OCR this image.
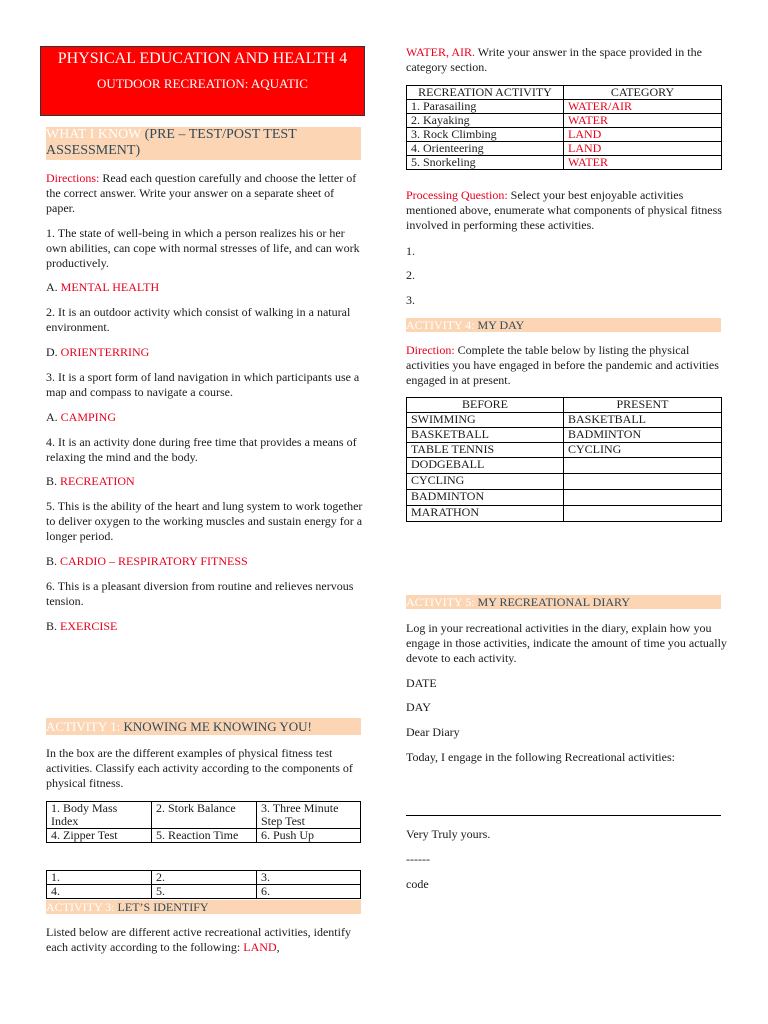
PHYSICAL EDUCATION AND HEALTH 4
OUTDOOR RECREATION: AQUATIC
WHAT I KNOW (PRE – TEST/POST TEST ASSESSMENT)

Directions: Read each question carefully and choose the letter of the correct answer. Write your answer on a separate sheet of paper.

1. The state of well-being in which a person realizes his or her own abilities, can cope with normal stresses of life, and can work productively.

A. MENTAL HEALTH

2. It is an outdoor activity which consist of walking in a natural environment.

D. ORIENTERRING

3. It is a sport form of land navigation in which participants use a map and compass to navigate a course.

A. CAMPING

4. It is an activity done during free time that provides a means of relaxing the mind and the body.

B. RECREATION

5. This is the ability of the heart and lung system to work together to deliver oxygen to the working muscles and sustain energy for a longer period.

B. CARDIO – RESPIRATORY FITNESS

6. This is a pleasant diversion from routine and relieves nervous tension.

B. EXERCISE

ACTIVITY 1: KNOWING ME KNOWING YOU!

In the box are the different examples of physical fitness test activities. Classify each activity according to the components of physical fitness.

1. Body Mass Index	2. Stork Balance	3. Three Minute Step Test
4. Zipper Test	5. Reaction Time	6. Push Up
1.	2.	3.
4.	5.	6.
ACTIVITY 3: LET’S IDENTIFY

Listed below are different active recreational activities, identify each activity according to the following: LAND,

WATER, AIR. Write your answer in the space provided in the category section.

RECREATION ACTIVITY	CATEGORY
1. Parasailing	WATER/AIR
2. Kayaking	WATER
3. Rock Climbing	LAND
4. Orienteering	LAND
5. Snorkeling	WATER

Processing Question: Select your best enjoyable activities mentioned above, enumerate what components of physical fitness involved in performing these activities.

1.

2.

3.

ACTIVITY 4: MY DAY

Direction: Complete the table below by listing the physical activities you have engaged in before the pandemic and activities engaged in at present.

BEFORE	PRESENT
SWIMMING	BASKETBALL
BASKETBALL	BADMINTON
TABLE TENNIS	CYCLING
DODGEBALL	
CYCLING	
BADMINTON	
MARATHON	
ACTIVITY 5: MY RECREATIONAL DIARY

Log in your recreational activities in the diary, explain how you engage in those activities, indicate the amount of time you actually devote to each activity.

DATE

DAY

Dear Diary

Today, I engage in the following Recreational activities:

Very Truly yours.

------

code
